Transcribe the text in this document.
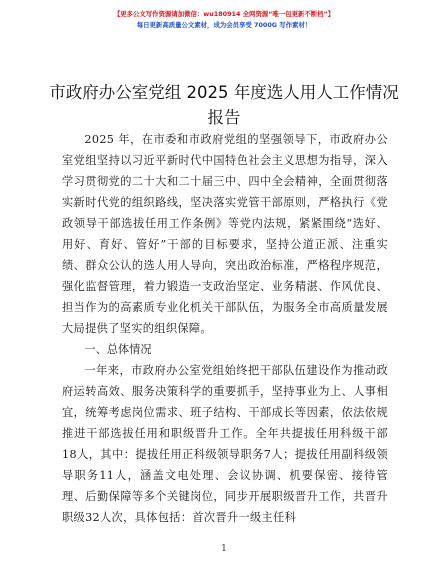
【更多公文写作资源请加微信：wu180914 全网资源“唯一包更新不断档”】
每日更新高质量公文素材，成为会员享受 7000G 写作素材！
市政府办公室党组 2025 年度选人用人工作情况
报告

2025 年，在市委和市政府党组的坚强领导下，市政府办公室党组坚持以习近平新时代中国特色社会主义思想为指导，深入学习贯彻党的二十大和二十届三中、四中全会精神，全面贯彻落实新时代党的组织路线，坚决落实党管干部原则，严格执行《党政领导干部选拔任用工作条例》等党内法规，紧紧围绕“选好、用好、育好、管好”干部的目标要求，坚持公道正派、注重实绩、群众公认的选人用人导向，突出政治标准，严格程序规范，强化监督管理，着力锻造一支政治坚定、业务精湛、作风优良、担当作为的高素质专业化机关干部队伍，为服务全市高质量发展大局提供了坚实的组织保障。

一、总体情况

一年来，市政府办公室党组始终把干部队伍建设作为推动政府运转高效、服务决策科学的重要抓手，坚持事业为上、人事相宜，统筹考虑岗位需求、班子结构、干部成长等因素，依法依规推进干部选拔任用和职级晋升工作。全年共提拔任用科级干部18人，其中：提拔任用正科级领导职务7人；提拔任用副科级领导职务11人，涵盖文电处理、会议协调、机要保密、接待管理、后勤保障等多个关键岗位，同步开展职级晋升工作，共晋升职级32人次，具体包括：首次晋升一级主任科

1
